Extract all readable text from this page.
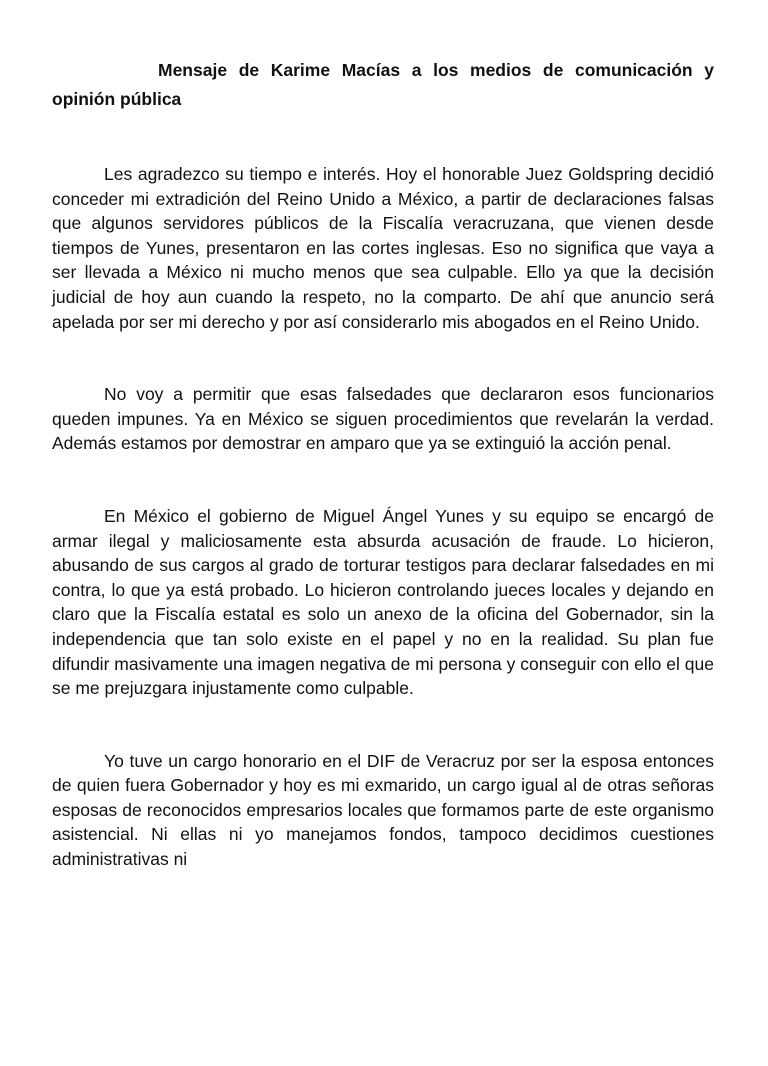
Mensaje de Karime Macías a los medios de comunicación y opinión pública

Les agradezco su tiempo e interés. Hoy el honorable Juez Goldspring decidió conceder mi extradición del Reino Unido a México, a partir de declaraciones falsas que algunos servidores públicos de la Fiscalía veracruzana, que vienen desde tiempos de Yunes, presentaron en las cortes inglesas. Eso no significa que vaya a ser llevada a México ni mucho menos que sea culpable. Ello ya que la decisión judicial de hoy aun cuando la respeto, no la comparto. De ahí que anuncio será apelada por ser mi derecho y por así considerarlo mis abogados en el Reino Unido.

No voy a permitir que esas falsedades que declararon esos funcionarios queden impunes. Ya en México se siguen procedimientos que revelarán la verdad. Además estamos por demostrar en amparo que ya se extinguió la acción penal.

En México el gobierno de Miguel Ángel Yunes y su equipo se encargó de armar ilegal y maliciosamente esta absurda acusación de fraude. Lo hicieron, abusando de sus cargos al grado de torturar testigos para declarar falsedades en mi contra, lo que ya está probado. Lo hicieron controlando jueces locales y dejando en claro que la Fiscalía estatal es solo un anexo de la oficina del Gobernador, sin la independencia que tan solo existe en el papel y no en la realidad. Su plan fue difundir masivamente una imagen negativa de mi persona y conseguir con ello el que se me prejuzgara injustamente como culpable.

Yo tuve un cargo honorario en el DIF de Veracruz por ser la esposa entonces de quien fuera Gobernador y hoy es mi exmarido, un cargo igual al de otras señoras esposas de reconocidos empresarios locales que formamos parte de este organismo asistencial. Ni ellas ni yo manejamos fondos, tampoco decidimos cuestiones administrativas ni
